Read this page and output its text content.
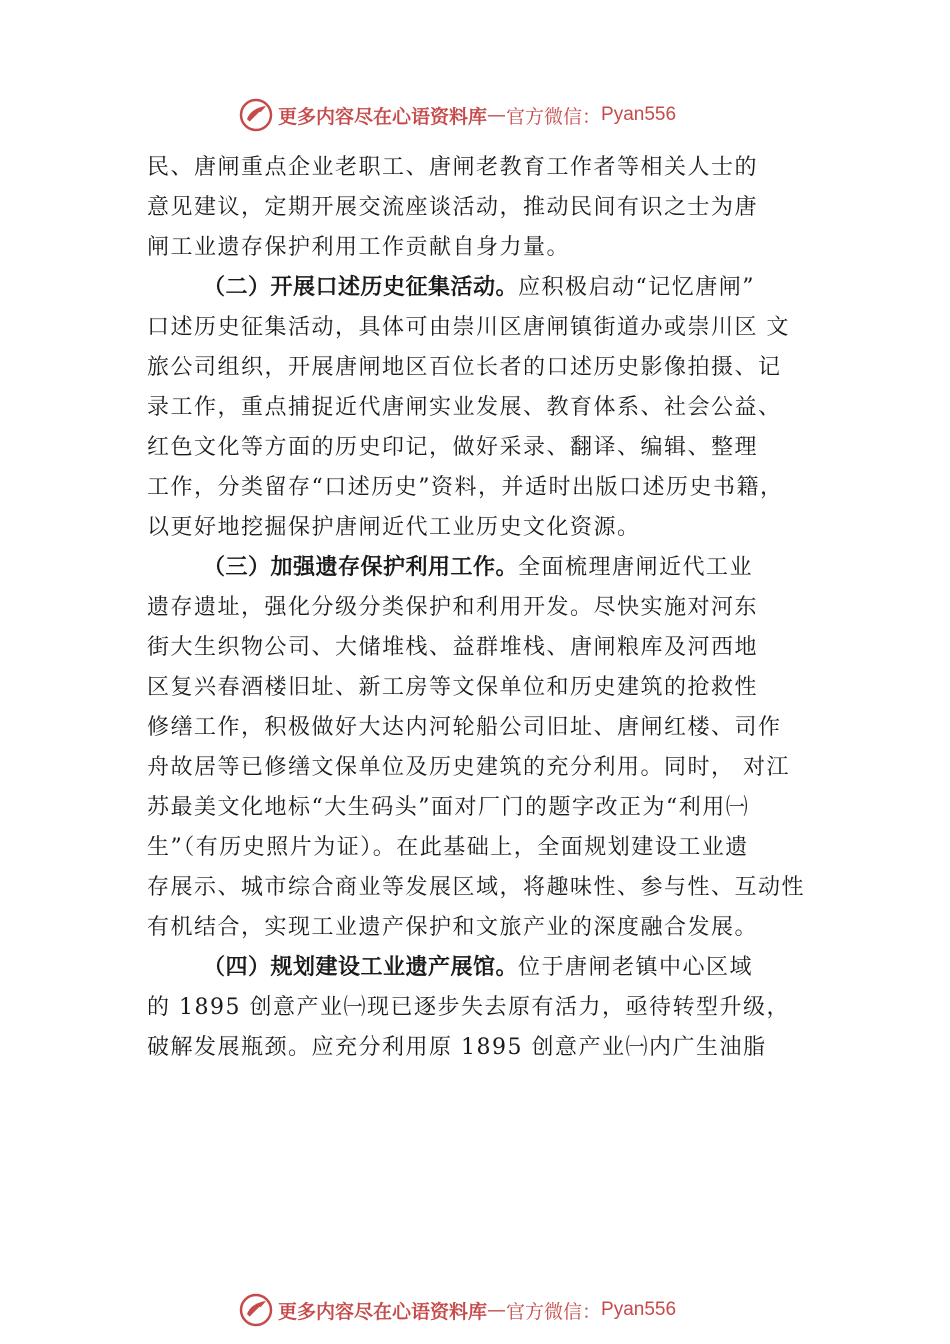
更多内容尽在心语资料库 — 官方微信： Pyan556
民、唐闸重点企业老职工、唐闸老教育工作者等相关人士的
意见建议，定期开展交流座谈活动，推动民间有识之士为唐
闸工业遗存保护利用工作贡献自身力量。
（二）开展口述历史征集活动。应积极启动“记忆唐闸”
口述历史征集活动，具体可由崇川区唐闸镇街道办或崇川区 文
旅公司组织，开展唐闸地区百位长者的口述历史影像拍摄、记
录工作，重点捕捉近代唐闸实业发展、教育体系、社会公益、
红色文化等方面的历史印记，做好采录、翻译、编辑、整理
工作，分类留存“口述历史”资料，并适时出版口述历史书籍，
以更好地挖掘保护唐闸近代工业历史文化资源。
（三）加强遗存保护利用工作。全面梳理唐闸近代工业
遗存遗址，强化分级分类保护和利用开发。尽快实施对河东
街大生织物公司、大储堆栈、益群堆栈、唐闸粮库及河西地
区复兴春酒楼旧址、新工房等文保单位和历史建筑的抢救性
修缮工作，积极做好大达内河轮船公司旧址、唐闸红楼、司作
舟故居等已修缮文保单位及历史建筑的充分利用。同时， 对江
苏最美文化地标“大生码头”面对厂门的题字改正为“利用㈠
生”（有历史照片为证）。在此基础上，全面规划建设工业遗
存展示、城市综合商业等发展区域，将趣味性、参与性、互动性
有机结合，实现工业遗产保护和文旅产业的深度融合发展。
（四）规划建设工业遗产展馆。位于唐闸老镇中心区域
的 1895 创意产业㈠现已逐步失去原有活力，亟待转型升级，
破解发展瓶颈。应充分利用原 1895 创意产业㈠内广生油脂
更多内容尽在心语资料库 — 官方微信： Pyan556
